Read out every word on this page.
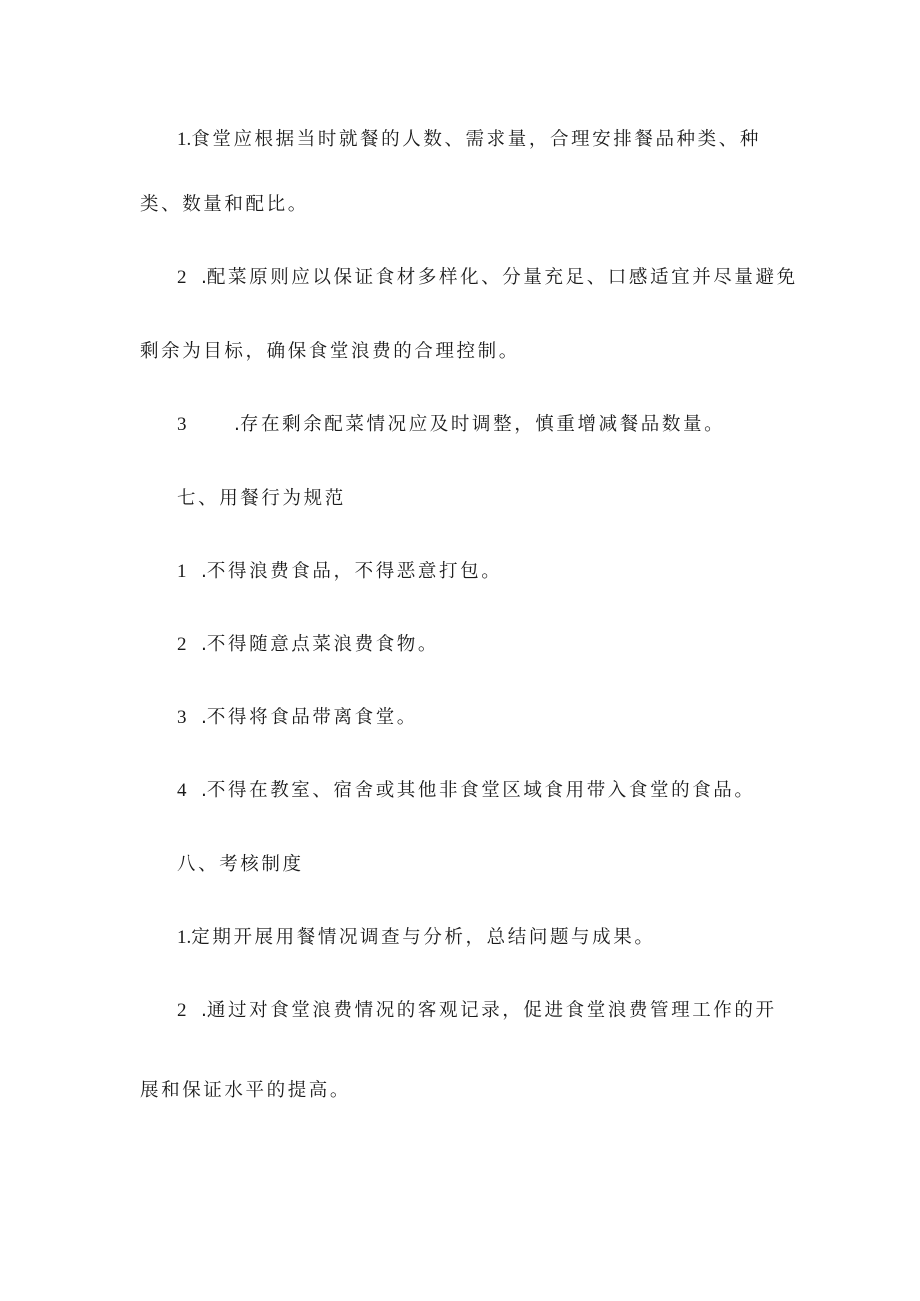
1.食堂应根据当时就餐的人数、需求量，合理安排餐品种类、种
类、数量和配比。
2 .配菜原则应以保证食材多样化、分量充足、口感适宜并尽量避免
剩余为目标，确保食堂浪费的合理控制。
3	.存在剩余配菜情况应及时调整，慎重增减餐品数量。
七、用餐行为规范
1 .不得浪费食品，不得恶意打包。
2 .不得随意点菜浪费食物。
3 .不得将食品带离食堂。
4 .不得在教室、宿舍或其他非食堂区域食用带入食堂的食品。
八、考核制度
1.定期开展用餐情况调查与分析，总结问题与成果。
2 .通过对食堂浪费情况的客观记录，促进食堂浪费管理工作的开
展和保证水平的提高。
